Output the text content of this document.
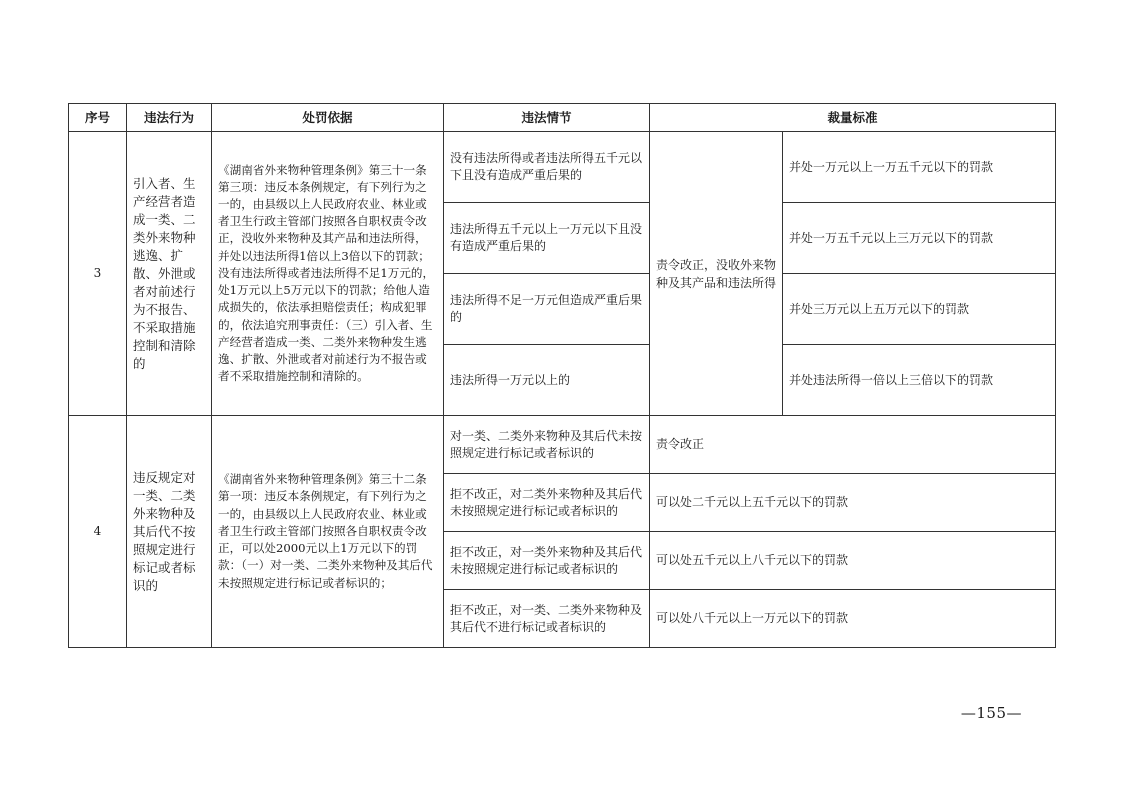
序号	违法行为	处罚依据	违法情节	裁量标准	
3	引入者、生产经营者造成一类、二类外来物种逃逸、扩散、外泄或者对前述行为不报告、不采取措施控制和清除的	《湖南省外来物种管理条例》第三十一条第三项：违反本条例规定，有下列行为之一的，由县级以上人民政府农业、林业或者卫生行政主管部门按照各自职权责令改正，没收外来物种及其产品和违法所得，并处以违法所得1倍以上3倍以下的罚款；没有违法所得或者违法所得不足1万元的，处1万元以上5万元以下的罚款；给他人造成损失的，依法承担赔偿责任；构成犯罪的，依法追究刑事责任：（三）引入者、生产经营者造成一类、二类外来物种发生逃逸、扩散、外泄或者对前述行为不报告或者不采取措施控制和清除的。	没有违法所得或者违法所得五千元以下且没有造成严重后果的	责令改正，没收外来物种及其产品和违法所得	并处一万元以上一万五千元以下的罚款
			违法所得五千元以上一万元以下且没有造成严重后果的		并处一万五千元以上三万元以下的罚款
			违法所得不足一万元但造成严重后果的		并处三万元以上五万元以下的罚款
			违法所得一万元以上的		并处违法所得一倍以上三倍以下的罚款
4	违反规定对一类、二类外来物种及其后代不按照规定进行标记或者标识的	《湖南省外来物种管理条例》第三十二条第一项：违反本条例规定，有下列行为之一的，由县级以上人民政府农业、林业或者卫生行政主管部门按照各自职权责令改正，可以处2000元以上1万元以下的罚款：（一）对一类、二类外来物种及其后代未按照规定进行标记或者标识的；	对一类、二类外来物种及其后代未按照规定进行标记或者标识的	责令改正	
			拒不改正，对二类外来物种及其后代未按照规定进行标记或者标识的	可以处二千元以上五千元以下的罚款	
			拒不改正，对一类外来物种及其后代未按照规定进行标记或者标识的	可以处五千元以上八千元以下的罚款	
			拒不改正，对一类、二类外来物种及其后代不进行标记或者标识的	可以处八千元以上一万元以下的罚款	
—155—
